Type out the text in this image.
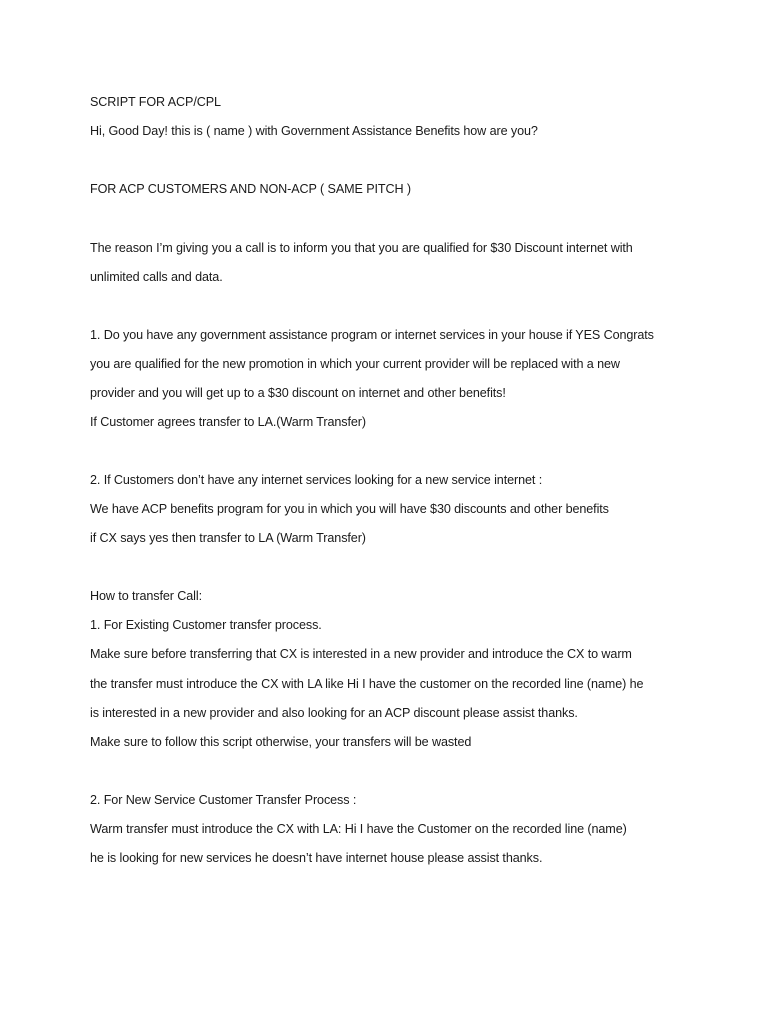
SCRIPT FOR ACP/CPL
Hi, Good Day! this is ( name ) with Government Assistance Benefits how are you?
FOR ACP CUSTOMERS AND NON-ACP ( SAME PITCH )
The reason I’m giving you a call is to inform you that you are qualified for $30 Discount internet with
unlimited calls and data.
1. Do you have any government assistance program or internet services in your house if YES Congrats
you are qualified for the new promotion in which your current provider will be replaced with a new
provider and you will get up to a $30 discount on internet and other benefits!
If Customer agrees transfer to LA.(Warm Transfer)
2. If Customers don’t have any internet services looking for a new service internet :
We have ACP benefits program for you in which you will have $30 discounts and other benefits
if CX says yes then transfer to LA (Warm Transfer)
How to transfer Call:
1. For Existing Customer transfer process.
Make sure before transferring that CX is interested in a new provider and introduce the CX to warm
the transfer must introduce the CX with LA like Hi I have the customer on the recorded line (name) he
is interested in a new provider and also looking for an ACP discount please assist thanks.
Make sure to follow this script otherwise, your transfers will be wasted
2. For New Service Customer Transfer Process :
Warm transfer must introduce the CX with LA: Hi I have the Customer on the recorded line (name)
he is looking for new services he doesn’t have internet house please assist thanks.
